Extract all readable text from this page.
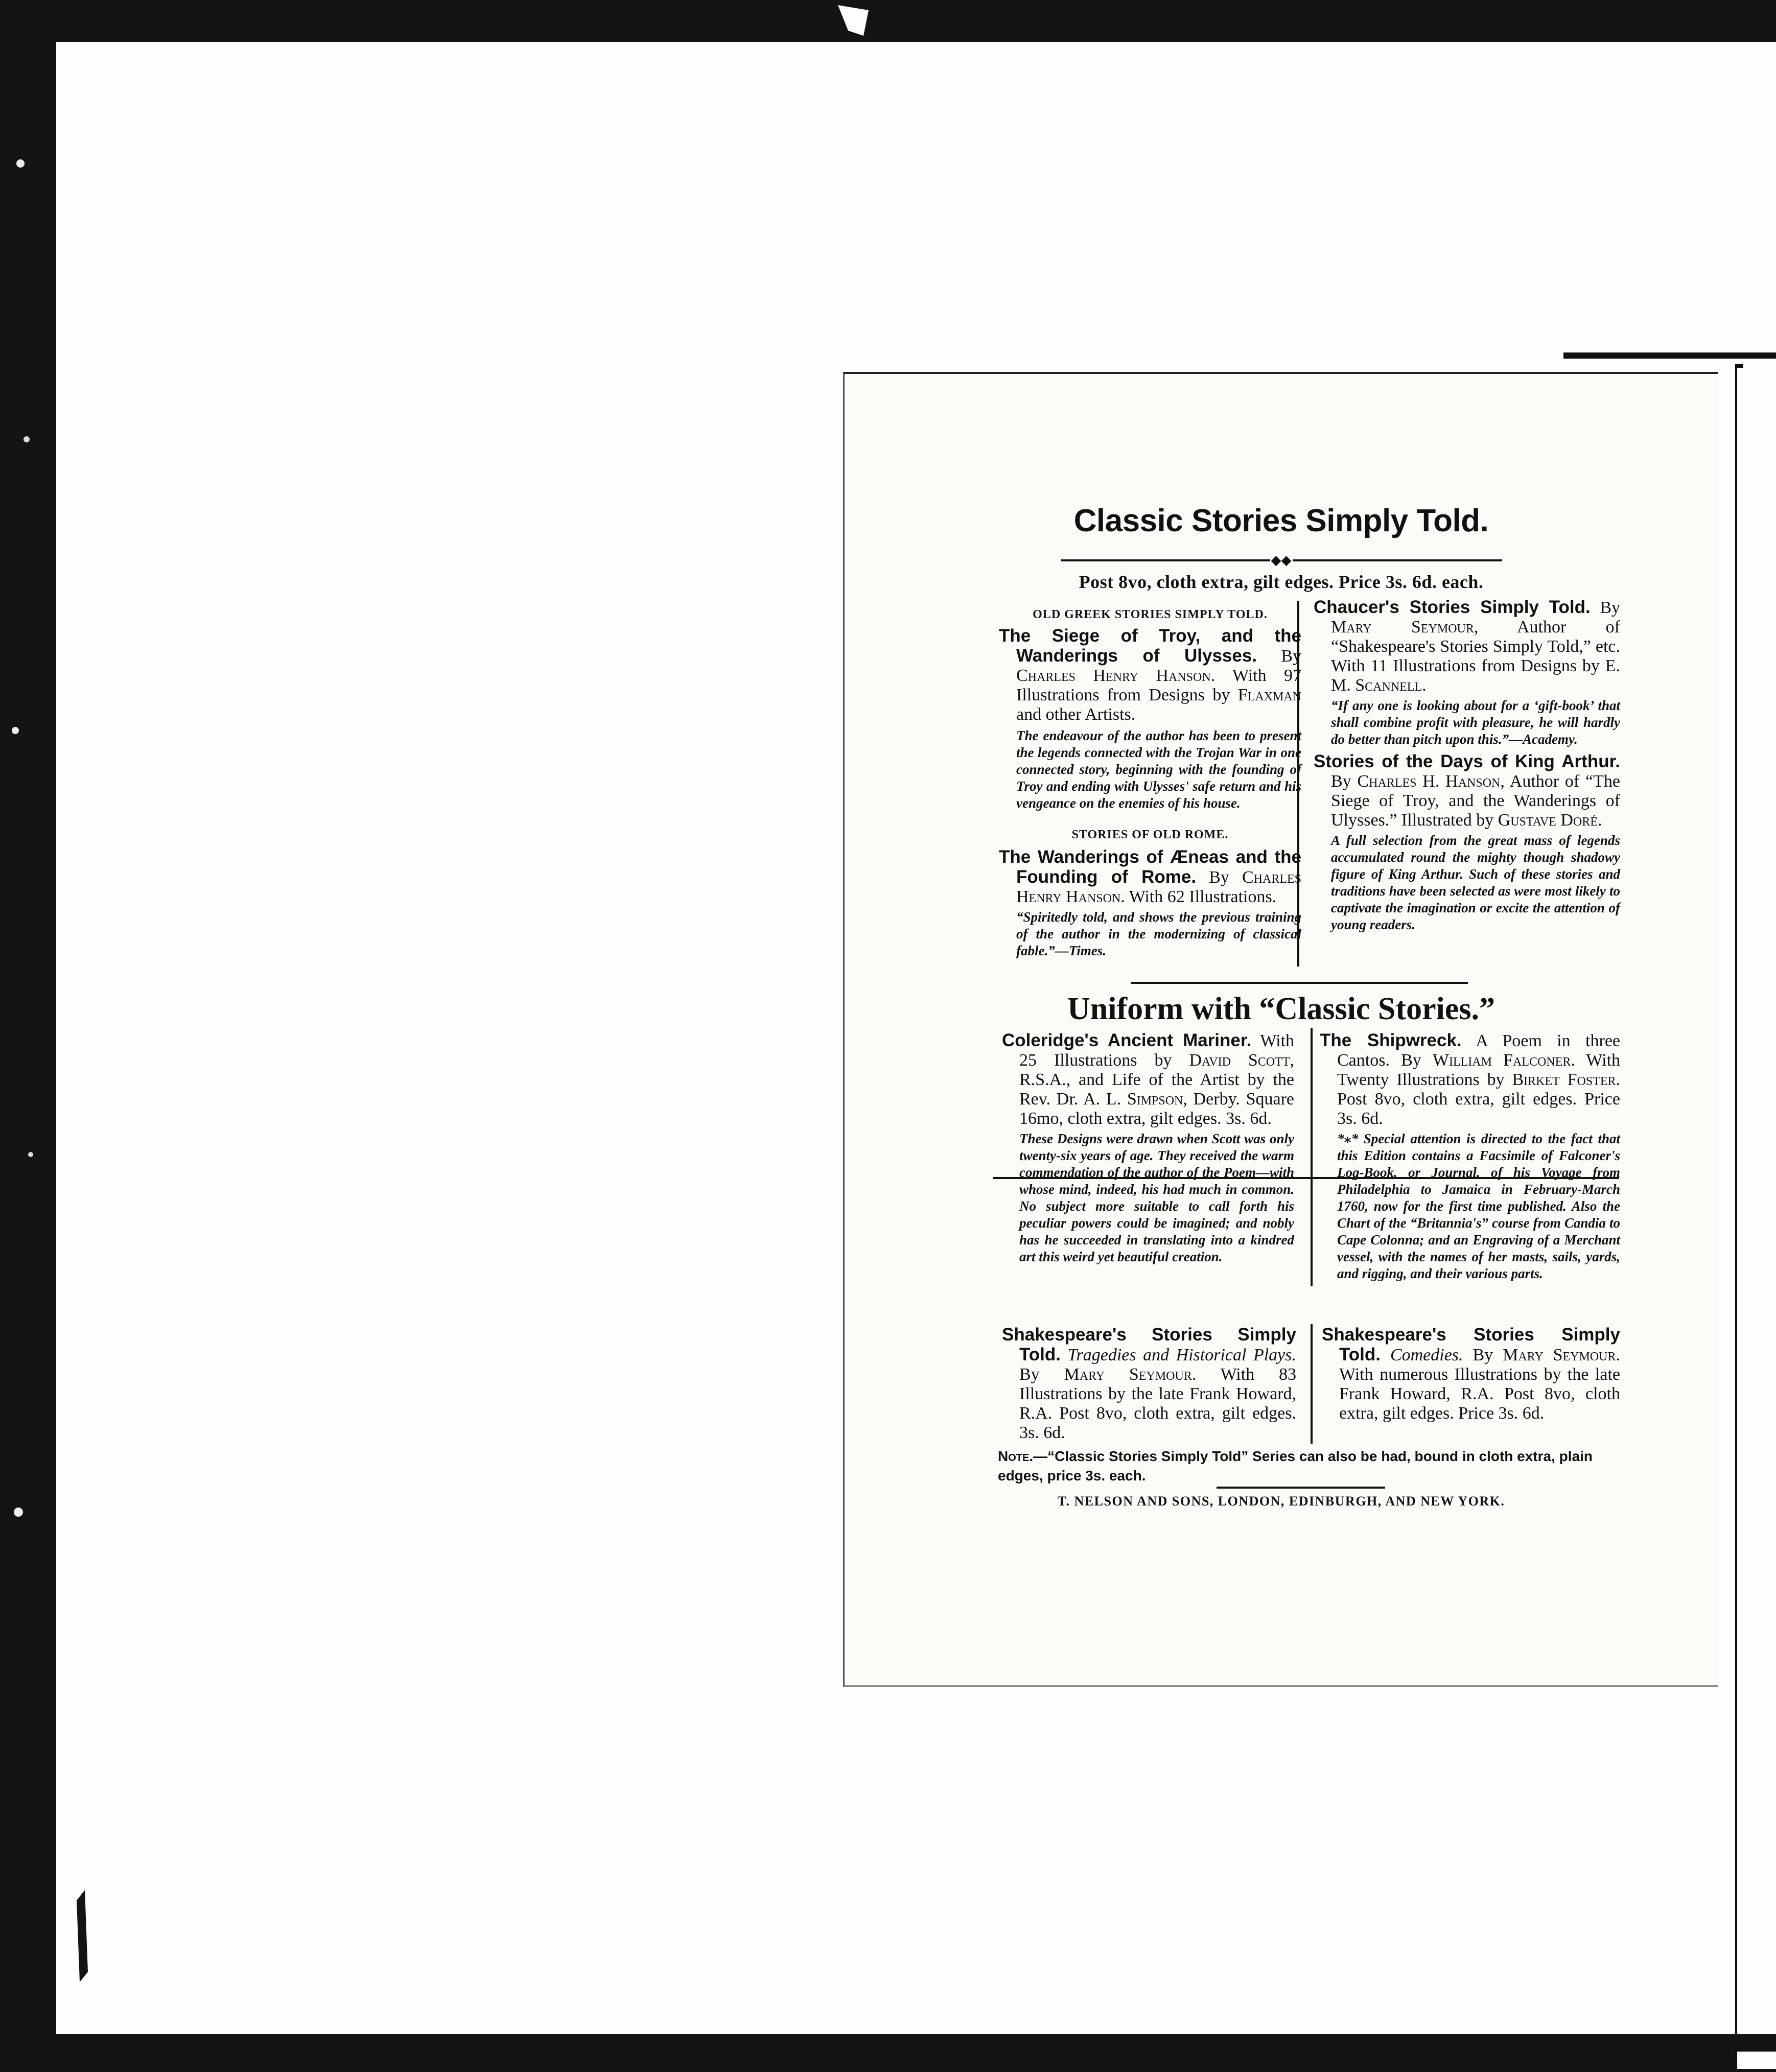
Classic Stories Simply Told.
◆◆
Post 8vo, cloth extra, gilt edges. Price 3s. 6d. each.

OLD GREEK STORIES SIMPLY TOLD.

The Siege of Troy, and the Wanderings of Ulysses. By Charles Henry Hanson. With 97 Illustrations from Designs by Flaxman and other Artists.

The endeavour of the author has been to present the legends connected with the Trojan War in one connected story, beginning with the founding of Troy and ending with Ulysses' safe return and his vengeance on the enemies of his house.

STORIES OF OLD ROME.

The Wanderings of Æneas and the Founding of Rome. By Charles Henry Hanson. With 62 Illustrations.

“Spiritedly told, and shows the previous training of the author in the modernizing of classical fable.”—Times.

Chaucer's Stories Simply Told. By Mary Seymour, Author of “Shakespeare's Stories Simply Told,” etc. With 11 Illustrations from Designs by E. M. Scannell.

“If any one is looking about for a ‘gift-book’ that shall combine profit with pleasure, he will hardly do better than pitch upon this.”—Academy.

Stories of the Days of King Arthur. By Charles H. Hanson, Author of “The Siege of Troy, and the Wanderings of Ulysses.” Illustrated by Gustave Doré.

A full selection from the great mass of legends accumulated round the mighty though shadowy figure of King Arthur. Such of these stories and traditions have been selected as were most likely to captivate the imagination or excite the attention of young readers.

Uniform with “Classic Stories.”

Coleridge's Ancient Mariner. With 25 Illustrations by David Scott, R.S.A., and Life of the Artist by the Rev. Dr. A. L. Simpson, Derby. Square 16mo, cloth extra, gilt edges. 3s. 6d.

These Designs were drawn when Scott was only twenty-six years of age. They received the warm commendation of the author of the Poem—with whose mind, indeed, his had much in common. No subject more suitable to call forth his peculiar powers could be imagined; and nobly has he succeeded in translating into a kindred art this weird yet beautiful creation.

The Shipwreck. A Poem in three Cantos. By William Falconer. With Twenty Illustrations by Birket Foster. Post 8vo, cloth extra, gilt edges. Price 3s. 6d.

*⁎* Special attention is directed to the fact that this Edition contains a Facsimile of Falconer's Log-Book, or Journal, of his Voyage from Philadelphia to Jamaica in February-March 1760, now for the first time published. Also the Chart of the “Britannia's” course from Candia to Cape Colonna; and an Engraving of a Merchant vessel, with the names of her masts, sails, yards, and rigging, and their various parts.

Shakespeare's Stories Simply Told. Tragedies and Historical Plays. By Mary Seymour. With 83 Illustrations by the late Frank Howard, R.A. Post 8vo, cloth extra, gilt edges. 3s. 6d.

Shakespeare's Stories Simply Told. Comedies. By Mary Seymour. With numerous Illustrations by the late Frank Howard, R.A. Post 8vo, cloth extra, gilt edges. Price 3s. 6d.

Note.—“Classic Stories Simply Told” Series can also be had, bound in cloth extra, plain edges, price 3s. each.
T. NELSON AND SONS, LONDON, EDINBURGH, AND NEW YORK.
